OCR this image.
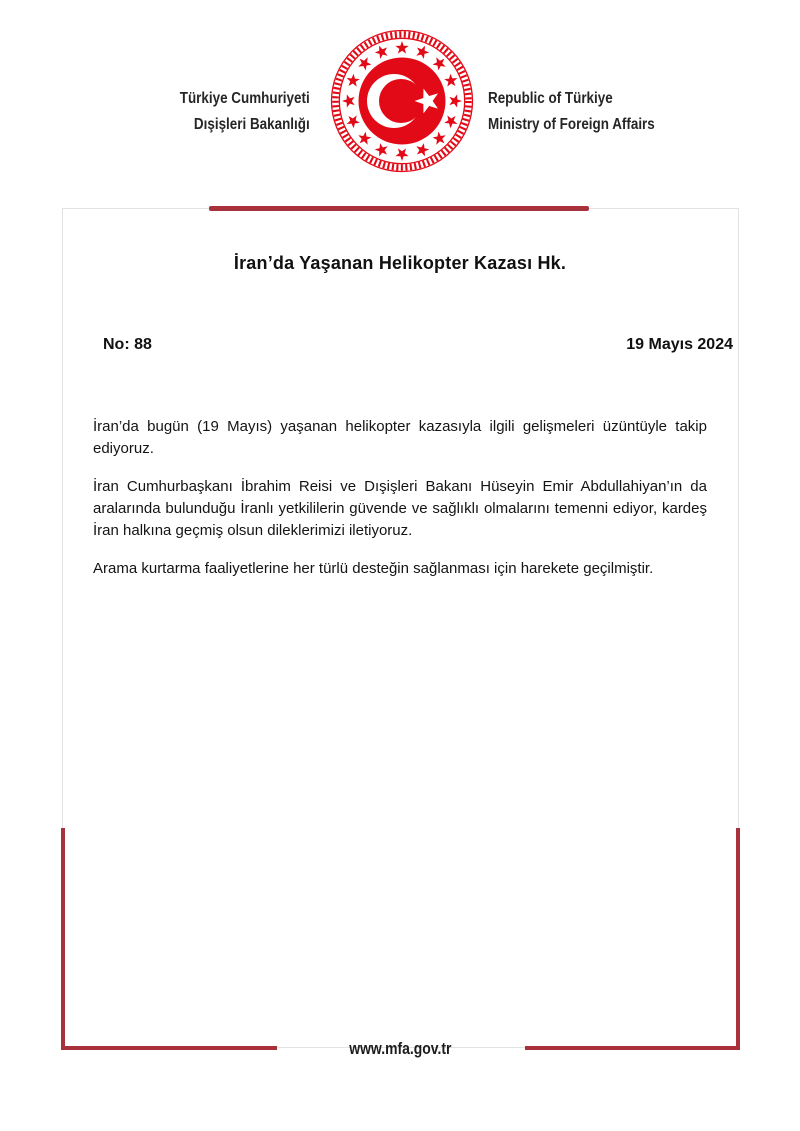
Türkiye Cumhuriyeti
Dışişleri Bakanlığı
Republic of Türkiye
Ministry of Foreign Affairs
İran’da Yaşanan Helikopter Kazası Hk.
No: 88	19 Mayıs 2024

İran’da bugün (19 Mayıs) yaşanan helikopter kazasıyla ilgili gelişmeleri üzüntüyle takip ediyoruz.

İran Cumhurbaşkanı İbrahim Reisi ve Dışişleri Bakanı Hüseyin Emir Abdullahiyan’ın da aralarında bulunduğu İranlı yetkililerin güvende ve sağlıklı olmalarını temenni ediyor, kardeş İran halkına geçmiş olsun dileklerimizi iletiyoruz.

Arama kurtarma faaliyetlerine her türlü desteğin sağlanması için harekete geçilmiştir.

www.mfa.gov.tr
